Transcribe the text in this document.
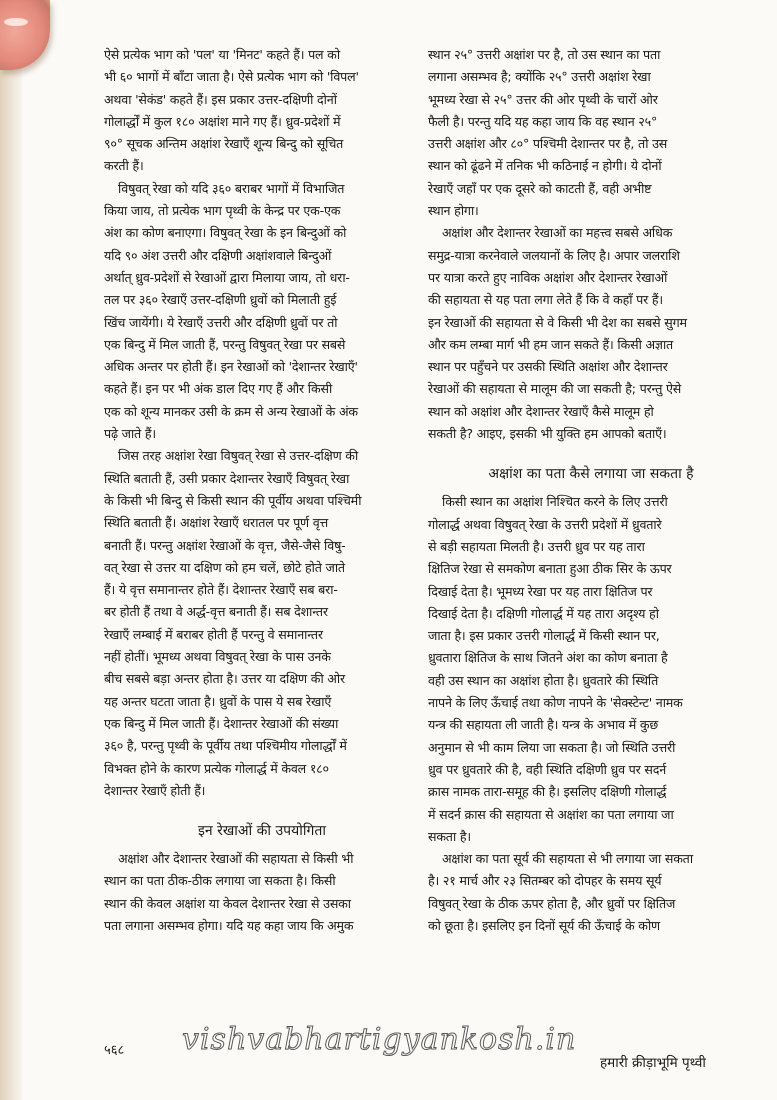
ऐसे प्रत्येक भाग को 'पल' या 'मिनट' कहते हैं। पल को
भी ६० भागों में बाँटा जाता है। ऐसे प्रत्येक भाग को 'विपल'
अथवा 'सेकंड' कहते हैं। इस प्रकार उत्तर-दक्षिणी दोनों
गोलार्द्धों में कुल १८० अक्षांश माने गए हैं। ध्रुव-प्रदेशों में
९०° सूचक अन्तिम अक्षांश रेखाएँ शून्य बिन्दु को सूचित
करती हैं।
विषुवत् रेखा को यदि ३६० बराबर भागों में विभाजित
किया जाय, तो प्रत्येक भाग पृथ्वी के केन्द्र पर एक-एक
अंश का कोण बनाएगा। विषुवत् रेखा के इन बिन्दुओं को
यदि ९० अंश उत्तरी और दक्षिणी अक्षांशवाले बिन्दुओं
अर्थात् ध्रुव-प्रदेशों से रेखाओं द्वारा मिलाया जाय, तो धरा-
तल पर ३६० रेखाएँ उत्तर-दक्षिणी ध्रुवों को मिलाती हुई
खिंच जायेंगी। ये रेखाएँ उत्तरी और दक्षिणी ध्रुवों पर तो
एक बिन्दु में मिल जाती हैं, परन्तु विषुवत् रेखा पर सबसे
अधिक अन्तर पर होती हैं। इन रेखाओं को 'देशान्तर रेखाएँ'
कहते हैं। इन पर भी अंक डाल दिए गए हैं और किसी
एक को शून्य मानकर उसी के क्रम से अन्य रेखाओं के अंक
पढ़े जाते हैं।
जिस तरह अक्षांश रेखा विषुवत् रेखा से उत्तर-दक्षिण की
स्थिति बताती हैं, उसी प्रकार देशान्तर रेखाएँ विषुवत् रेखा
के किसी भी बिन्दु से किसी स्थान की पूर्वीय अथवा पश्चिमी
स्थिति बताती हैं। अक्षांश रेखाएँ धरातल पर पूर्ण वृत्त
बनाती हैं। परन्तु अक्षांश रेखाओं के वृत्त, जैसे-जैसे विषु-
वत् रेखा से उत्तर या दक्षिण को हम चलें, छोटे होते जाते
हैं। ये वृत्त समानान्तर होते हैं। देशान्तर रेखाएँ सब बरा-
बर होती हैं तथा वे अर्द्ध-वृत्त बनाती हैं। सब देशान्तर
रेखाएँ लम्बाई में बराबर होती हैं परन्तु वे समानान्तर
नहीं होतीं। भूमध्य अथवा विषुवत् रेखा के पास उनके
बीच सबसे बड़ा अन्तर होता है। उत्तर या दक्षिण की ओर
यह अन्तर घटता जाता है। ध्रुवों के पास ये सब रेखाएँ
एक बिन्दु में मिल जाती हैं। देशान्तर रेखाओं की संख्या
३६० है, परन्तु पृथ्वी के पूर्वीय तथा पश्चिमीय गोलार्द्धों में
विभक्त होने के कारण प्रत्येक गोलार्द्ध में केवल १८०
देशान्तर रेखाएँ होती हैं।
इन रेखाओं की उपयोगिता
अक्षांश और देशान्तर रेखाओं की सहायता से किसी भी
स्थान का पता ठीक-ठीक लगाया जा सकता है। किसी
स्थान की केवल अक्षांश या केवल देशान्तर रेखा से उसका
पता लगाना असम्भव होगा। यदि यह कहा जाय कि अमुक
स्थान २५° उत्तरी अक्षांश पर है, तो उस स्थान का पता
लगाना असम्भव है; क्योंकि २५° उत्तरी अक्षांश रेखा
भूमध्य रेखा से २५° उत्तर की ओर पृथ्वी के चारों ओर
फैली है। परन्तु यदि यह कहा जाय कि वह स्थान २५°
उत्तरी अक्षांश और ८०° पश्चिमी देशान्तर पर है, तो उस
स्थान को ढूंढने में तनिक भी कठिनाई न होगी। ये दोनों
रेखाएँ जहाँ पर एक दूसरे को काटती हैं, वही अभीष्ट
स्थान होगा।
अक्षांश और देशान्तर रेखाओं का महत्त्व सबसे अधिक
समुद्र-यात्रा करनेवाले जलयानों के लिए है। अपार जलराशि
पर यात्रा करते हुए नाविक अक्षांश और देशान्तर रेखाओं
की सहायता से यह पता लगा लेते हैं कि वे कहाँ पर हैं।
इन रेखाओं की सहायता से वे किसी भी देश का सबसे सुगम
और कम लम्बा मार्ग भी हम जान सकते हैं। किसी अज्ञात
स्थान पर पहुँचने पर उसकी स्थिति अक्षांश और देशान्तर
रेखाओं की सहायता से मालूम की जा सकती है; परन्तु ऐसे
स्थान को अक्षांश और देशान्तर रेखाएँ कैसे मालूम हो
सकती है? आइए, इसकी भी युक्ति हम आपको बताएँ।
अक्षांश का पता कैसे लगाया जा सकता है
किसी स्थान का अक्षांश निश्चित करने के लिए उत्तरी
गोलार्द्ध अथवा विषुवत् रेखा के उत्तरी प्रदेशों में ध्रुवतारे
से बड़ी सहायता मिलती है। उत्तरी ध्रुव पर यह तारा
क्षितिज रेखा से समकोण बनाता हुआ ठीक सिर के ऊपर
दिखाई देता है। भूमध्य रेखा पर यह तारा क्षितिज पर
दिखाई देता है। दक्षिणी गोलार्द्ध में यह तारा अदृश्य हो
जाता है। इस प्रकार उत्तरी गोलार्द्ध में किसी स्थान पर,
ध्रुवतारा क्षितिज के साथ जितने अंश का कोण बनाता है
वही उस स्थान का अक्षांश होता है। ध्रुवतारे की स्थिति
नापने के लिए ऊँचाई तथा कोण नापने के 'सेक्स्टेन्ट' नामक
यन्त्र की सहायता ली जाती है। यन्त्र के अभाव में कुछ
अनुमान से भी काम लिया जा सकता है। जो स्थिति उत्तरी
ध्रुव पर ध्रुवतारे की है, वही स्थिति दक्षिणी ध्रुव पर सदर्न
क्रास नामक तारा-समूह की है। इसलिए दक्षिणी गोलार्द्ध
में सदर्न क्रास की सहायता से अक्षांश का पता लगाया जा
सकता है।
अक्षांश का पता सूर्य की सहायता से भी लगाया जा सकता
है। २१ मार्च और २३ सितम्बर को दोपहर के समय सूर्य
विषुवत् रेखा के ठीक ऊपर होता है, और ध्रुवों पर क्षितिज
को छूता है। इसलिए इन दिनों सूर्य की ऊँचाई के कोण
vishvabhartigyankosh.in
५६८
हमारी क्रीड़ाभूमि पृथ्वी
